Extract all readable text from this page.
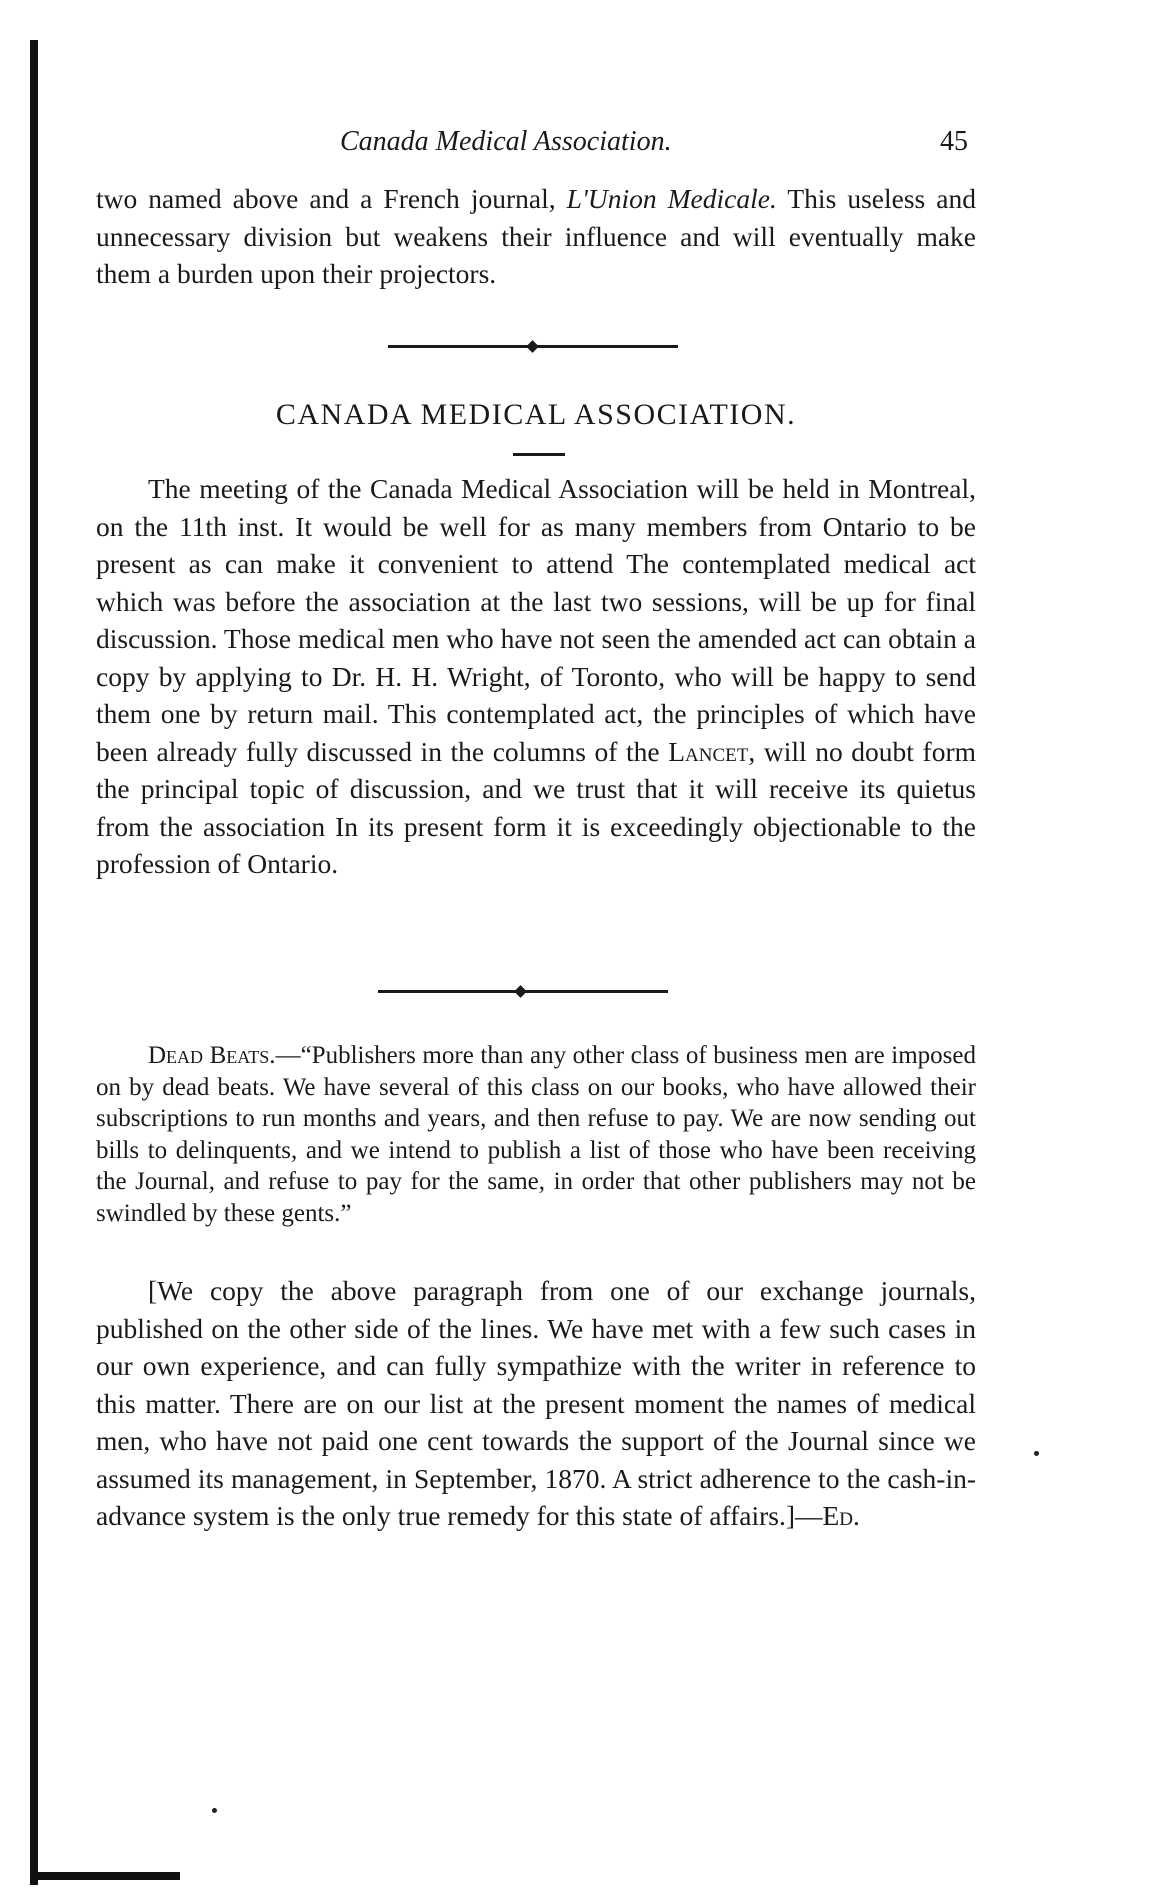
Canada Medical Association.	45

two named above and a French journal, L'Union Medicale. This useless and unnecessary division but weakens their influence and will eventually make them a burden upon their projectors.

CANADA MEDICAL ASSOCIATION.

The meeting of the Canada Medical Association will be held in Montreal, on the 11th inst. It would be well for as many members from Ontario to be present as can make it convenient to attend The contemplated medical act which was before the association at the last two sessions, will be up for final discussion. Those medical men who have not seen the amended act can obtain a copy by applying to Dr. H. H. Wright, of Toronto, who will be happy to send them one by return mail. This contemplated act, the principles of which have been already fully discussed in the columns of the Lancet, will no doubt form the principal topic of discussion, and we trust that it will receive its quietus from the association In its present form it is exceedingly objectionable to the profession of Ontario.

Dead Beats.—“Publishers more than any other class of business men are imposed on by dead beats. We have several of this class on our books, who have allowed their subscriptions to run months and years, and then refuse to pay. We are now sending out bills to delinquents, and we intend to publish a list of those who have been receiving the Journal, and refuse to pay for the same, in order that other publishers may not be swindled by these gents.”

[We copy the above paragraph from one of our exchange journals, published on the other side of the lines. We have met with a few such cases in our own experience, and can fully sympathize with the writer in reference to this matter. There are on our list at the present moment the names of medical men, who have not paid one cent towards the support of the Journal since we assumed its management, in September, 1870. A strict adherence to the cash-in-advance system is the only true remedy for this state of affairs.]—Ed.
